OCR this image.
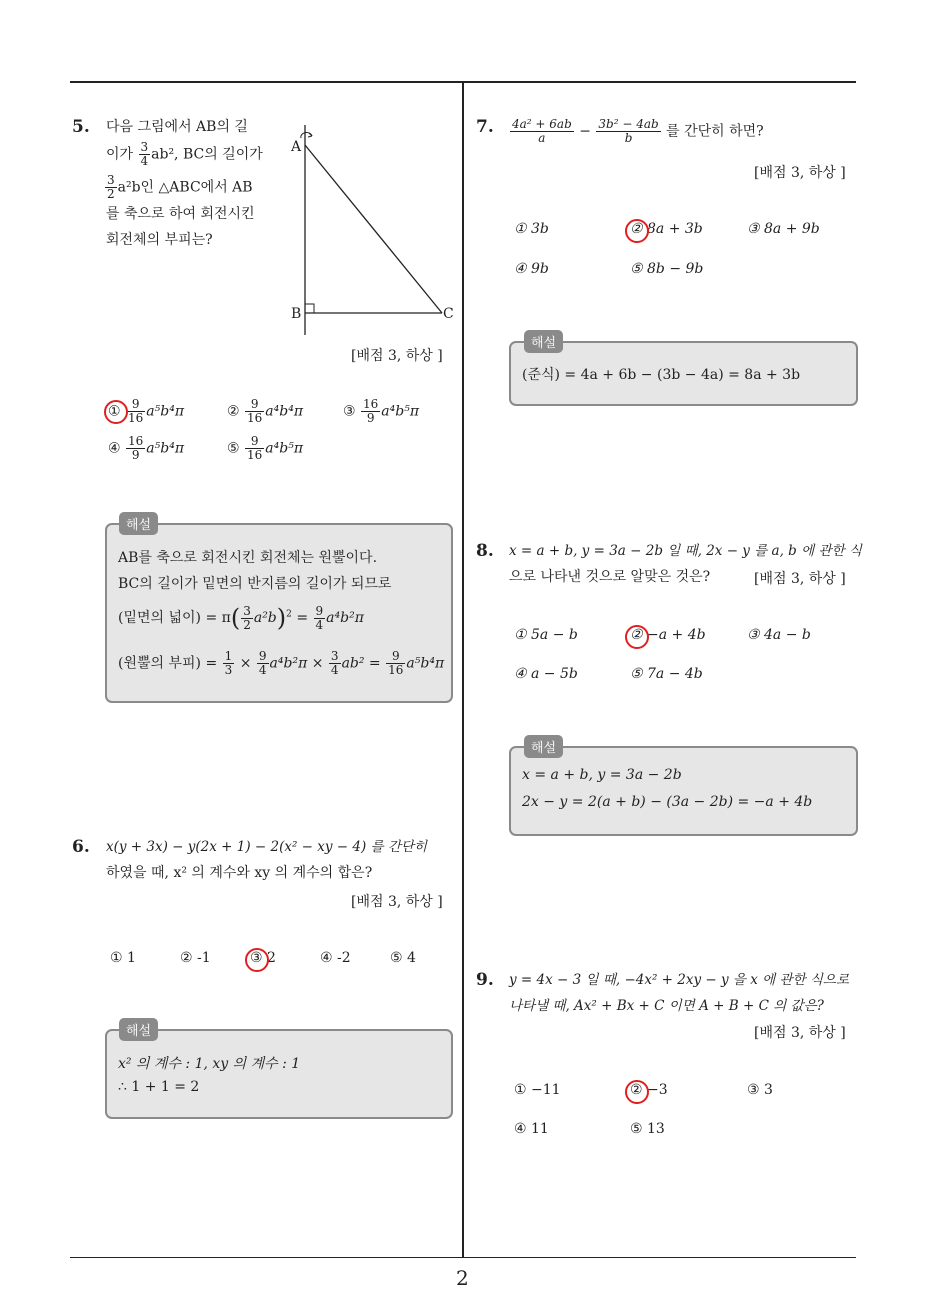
2
5. 다음 그림에서 AB의 길
이가 $\frac{3}{4} ab^2$, BC의 길이가
$\frac{3}{2} a^2b$인 △ABC에서 AB
를 축으로 하여 회전시킨
회전체의 부피는?
A
B	C
[배점 3, 하상 ]
① $\frac{9}{16} a^5b^4\pi$	② $\frac{9}{16} a^4b^4\pi$	③ $\frac{16}{9} a^4b^5\pi$
④ $\frac{16}{9} a^5b^4\pi$	⑤ $\frac{9}{16} a^4b^5\pi$
해설
AB를 축으로 회전시킨 회전체는 원뿔이다.
BC의 길이가 밑면의 반지름의 길이가 되므로
(밑면의 넓이) = $\pi( \frac{3}{2} a^2b)^2 = \frac{9}{4} a^4b^2\pi$
(원뿔의 부피) = $\frac{1}{3} \times \frac{9}{4} a^4b^2\pi \times \frac{3}{4} ab^2 = \frac{9}{16} a^5b^4\pi$
6. x(y + 3x) − y(2x + 1) − 2(x² − xy − 4) 를 간단히
하였을 때, x² 의 계수와 xy 의 계수의 합은?
[배점 3, 하상 ]
① 1	② -1	③ 2	④ -2	⑤ 4
해설
x² 의 계수 : 1, xy 의 계수 : 1
∴ 1 + 1 = 2
7. $\frac{\text{4a² + 6ab}}{a} - \frac{\text{3b² − 4ab}}{b}$ 를 간단히 하면?
[배점 3, 하상 ]
① 3b	② 8a + 3b	③ 8a + 9b
④ 9b	⑤ 8b − 9b
해설
(준식) = 4a + 6b − (3b − 4a) = 8a + 3b
8. x = a + b, y = 3a − 2b 일 때, 2x − y 를 a, b 에 관한 식
으로 나타낸 것으로 알맞은 것은?	[배점 3, 하상 ]
① 5a − b	② −a + 4b	③ 4a − b
④ a − 5b	⑤ 7a − 4b
해설
x = a + b, y = 3a − 2b
2x − y = 2(a + b) − (3a − 2b) = −a + 4b
9. y = 4x − 3 일 때, −4x² + 2xy − y 을 x 에 관한 식으로
나타낼 때, Ax² + Bx + C 이면 A + B + C 의 값은?
[배점 3, 하상 ]
① −11	② −3	③ 3
④ 11	⑤ 13
